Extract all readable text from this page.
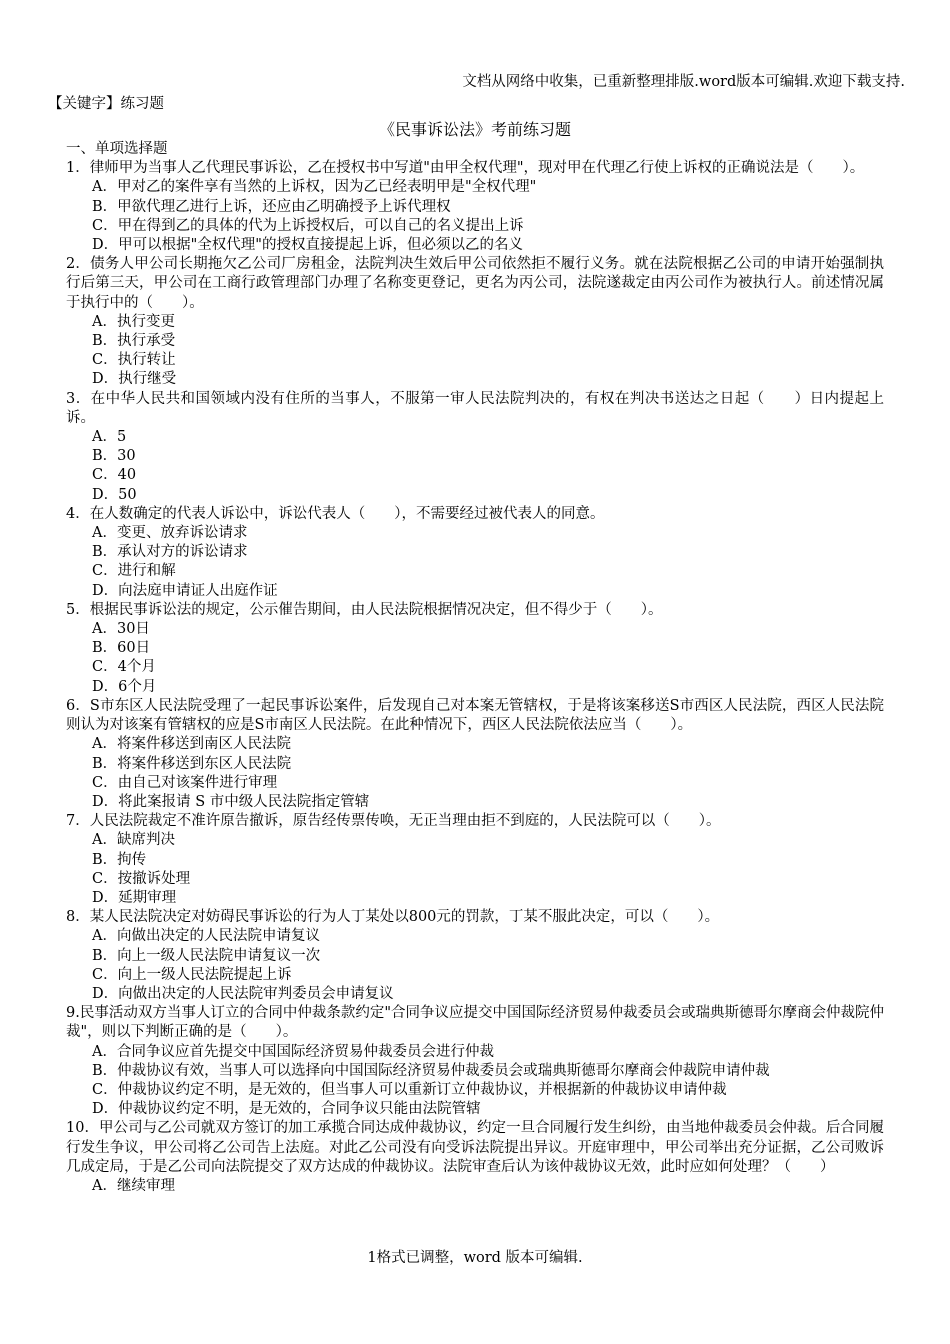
文档从网络中收集，已重新整理排版.word版本可编辑.欢迎下载支持.
【关键字】练习题
《民事诉讼法》考前练习题
一、单项选择题
1．律师甲为当事人乙代理民事诉讼，乙在授权书中写道"由甲全权代理"，现对甲在代理乙行使上诉权的正确说法是（　　）。
A．甲对乙的案件享有当然的上诉权，因为乙已经表明甲是"全权代理"
B．甲欲代理乙进行上诉，还应由乙明确授予上诉代理权
C．甲在得到乙的具体的代为上诉授权后，可以自己的名义提出上诉
D．甲可以根据"全权代理"的授权直接提起上诉，但必须以乙的名义
2．债务人甲公司长期拖欠乙公司厂房租金，法院判决生效后甲公司依然拒不履行义务。就在法院根据乙公司的申请开始强制执行后第三天，甲公司在工商行政管理部门办理了名称变更登记，更名为丙公司，法院遂裁定由丙公司作为被执行人。前述情况属于执行中的（　　）。
A．执行变更
B．执行承受
C．执行转让
D．执行继受
3．在中华人民共和国领域内没有住所的当事人，不服第一审人民法院判决的，有权在判决书送达之日起（　　）日内提起上诉。
A．5
B．30
C．40
D．50
4．在人数确定的代表人诉讼中，诉讼代表人（　　），不需要经过被代表人的同意。
A．变更、放弃诉讼请求
B．承认对方的诉讼请求
C．进行和解
D．向法庭申请证人出庭作证
5．根据民事诉讼法的规定，公示催告期间，由人民法院根据情况决定，但不得少于（　　）。
A．30日
B．60日
C．4个月
D．6个月
6．S市东区人民法院受理了一起民事诉讼案件，后发现自己对本案无管辖权，于是将该案移送S市西区人民法院，西区人民法院则认为对该案有管辖权的应是S市南区人民法院。在此种情况下，西区人民法院依法应当（　　）。
A．将案件移送到南区人民法院
B．将案件移送到东区人民法院
C．由自己对该案件进行审理
D．将此案报请 S 市中级人民法院指定管辖
7．人民法院裁定不准许原告撤诉，原告经传票传唤，无正当理由拒不到庭的，人民法院可以（　　）。
A．缺席判决
B．拘传
C．按撤诉处理
D．延期审理
8．某人民法院决定对妨碍民事诉讼的行为人丁某处以800元的罚款，丁某不服此决定，可以（　　）。
A．向做出决定的人民法院申请复议
B．向上一级人民法院申请复议一次
C．向上一级人民法院提起上诉
D．向做出决定的人民法院审判委员会申请复议
9.民事活动双方当事人订立的合同中仲裁条款约定"合同争议应提交中国国际经济贸易仲裁委员会或瑞典斯德哥尔摩商会仲裁院仲裁"，则以下判断正确的是（　　）。
A．合同争议应首先提交中国国际经济贸易仲裁委员会进行仲裁
B．仲裁协议有效，当事人可以选择向中国国际经济贸易仲裁委员会或瑞典斯德哥尔摩商会仲裁院申请仲裁
C．仲裁协议约定不明，是无效的，但当事人可以重新订立仲裁协议，并根据新的仲裁协议申请仲裁
D．仲裁协议约定不明，是无效的，合同争议只能由法院管辖
10．甲公司与乙公司就双方签订的加工承揽合同达成仲裁协议，约定一旦合同履行发生纠纷，由当地仲裁委员会仲裁。后合同履行发生争议，甲公司将乙公司告上法庭。对此乙公司没有向受诉法院提出异议。开庭审理中，甲公司举出充分证据，乙公司败诉几成定局，于是乙公司向法院提交了双方达成的仲裁协议。法院审查后认为该仲裁协议无效，此时应如何处理？（　　）
A．继续审理
1格式已调整，word 版本可编辑.
